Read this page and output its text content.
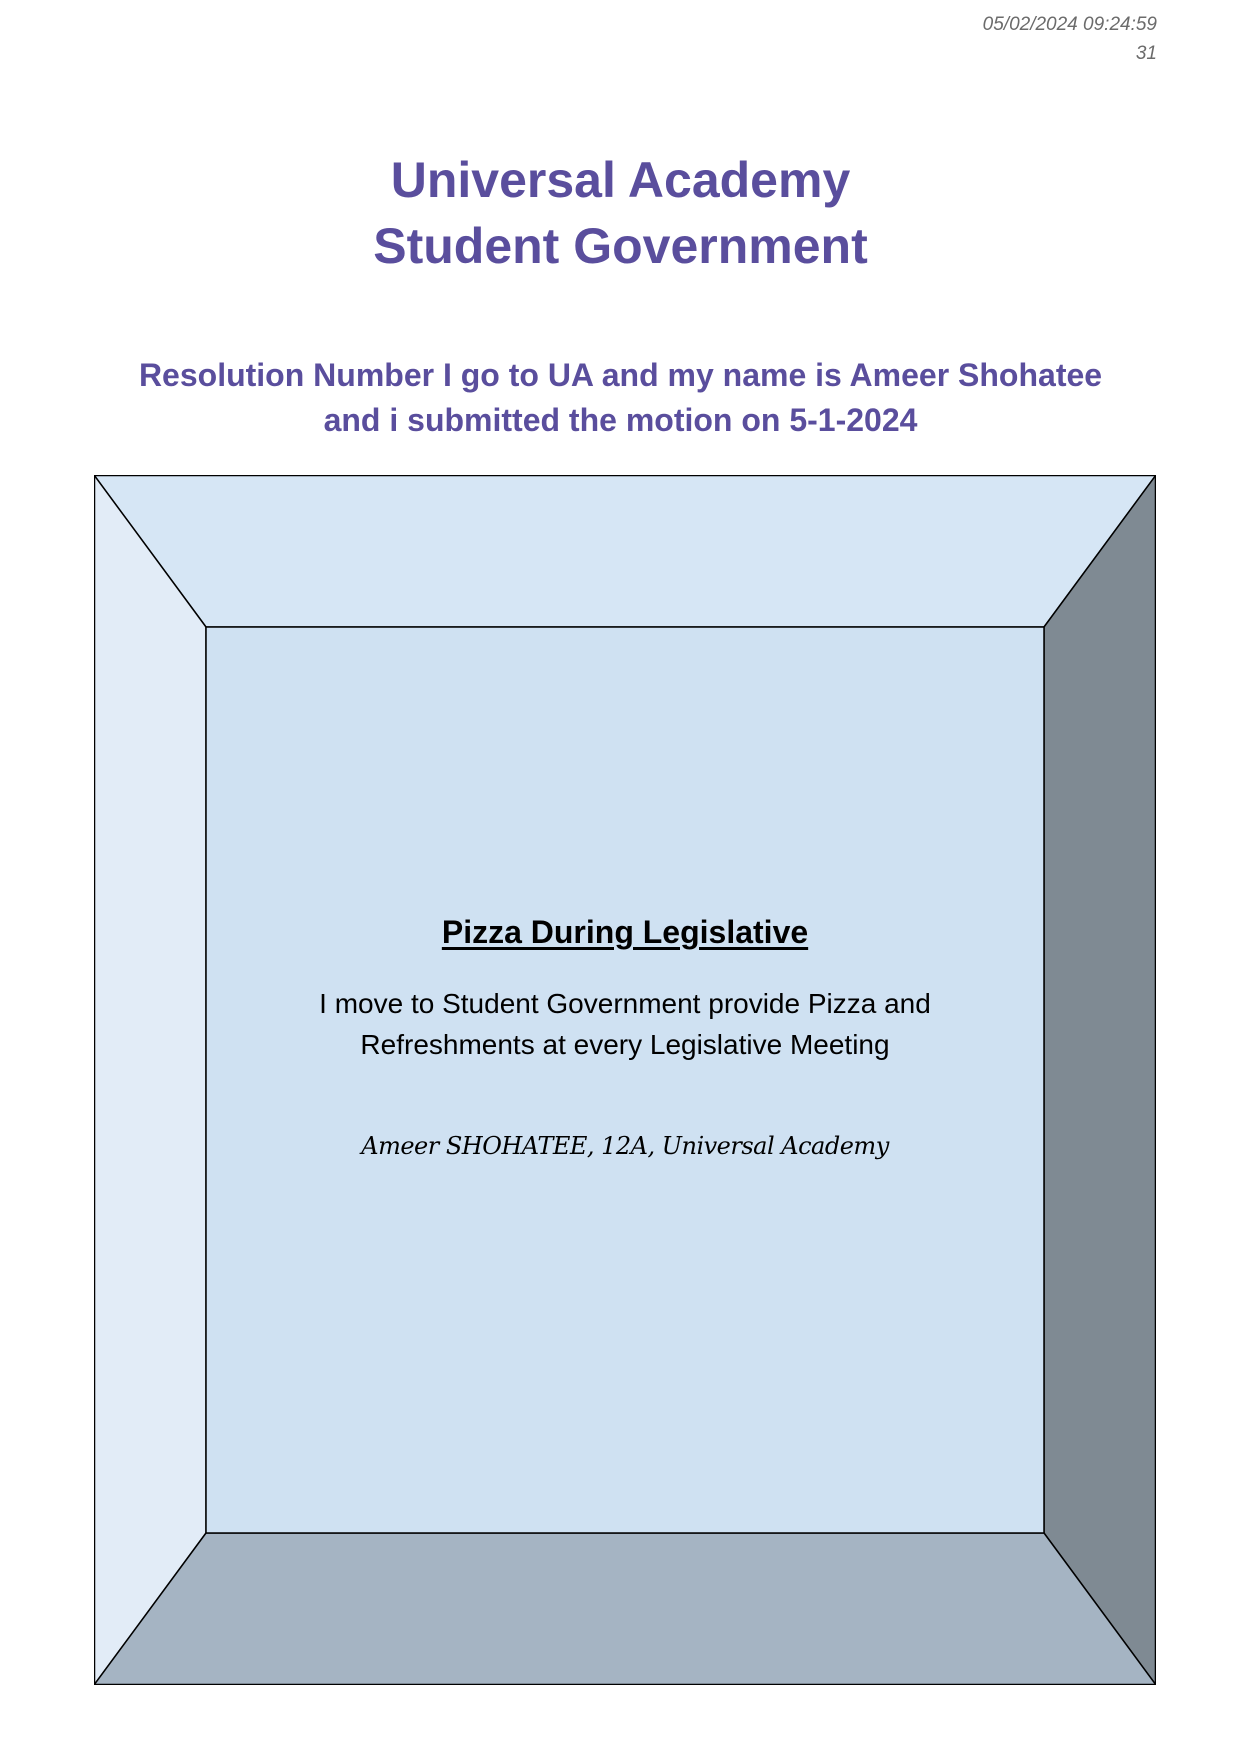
05/02/2024 09:24:59
31
Universal Academy
Student Government
Resolution Number I go to UA and my name is Ameer Shohatee
and i submitted the motion on 5-1-2024
Pizza During Legislative
I move to Student Government provide Pizza and
Refreshments at every Legislative Meeting
Ameer SHOHATEE, 12A, Universal Academy
